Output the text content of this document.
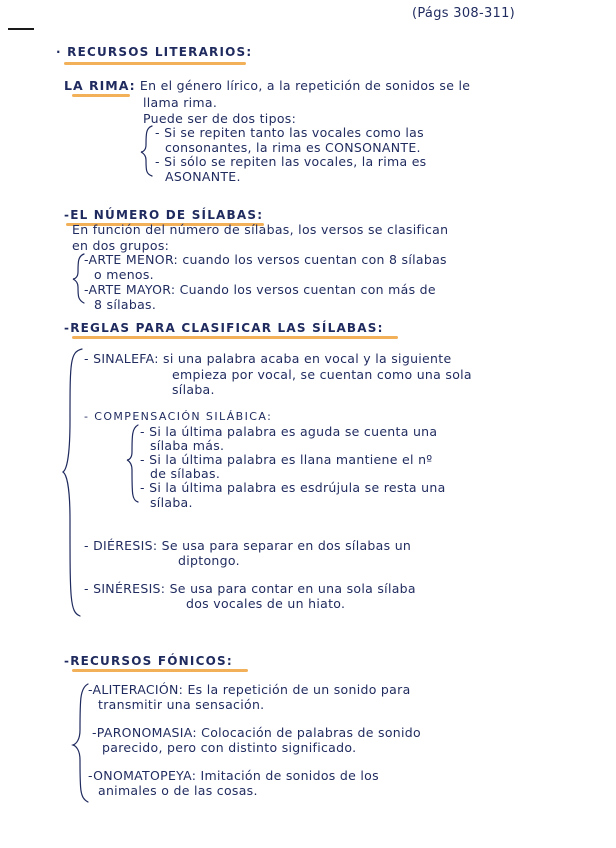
(Págs 308-311)
· RECURSOS LITERARIOS:
LA RIMA: En el género lírico, a la repetición de sonidos se le
llama rima.
Puede ser de dos tipos:
- Si se repiten tanto las vocales como las
consonantes, la rima es CONSONANTE.
- Si sólo se repiten las vocales, la rima es
ASONANTE.
-EL NÚMERO DE SÍLABAS:
En función del número de sílabas, los versos se clasifican
en dos grupos:
-ARTE MENOR: cuando los versos cuentan con 8 sílabas
o menos.
-ARTE MAYOR: Cuando los versos cuentan con más de
8 sílabas.
-REGLAS PARA CLASIFICAR LAS SÍLABAS:
- SINALEFA: si una palabra acaba en vocal y la siguiente
empieza por vocal, se cuentan como una sola
sílaba.
- COMPENSACIÓN SILÁBICA:
- Si la última palabra es aguda se cuenta una
sílaba más.
- Si la última palabra es llana mantiene el nº
de sílabas.
- Si la última palabra es esdrújula se resta una
sílaba.
- DIÉRESIS: Se usa para separar en dos sílabas un
diptongo.
- SINÉRESIS: Se usa para contar en una sola sílaba
dos vocales de un hiato.
-RECURSOS FÓNICOS:
-ALITERACIÓN: Es la repetición de un sonido para
transmitir una sensación.
-PARONOMASIA: Colocación de palabras de sonido
parecido, pero con distinto significado.
-ONOMATOPEYA: Imitación de sonidos de los
animales o de las cosas.
